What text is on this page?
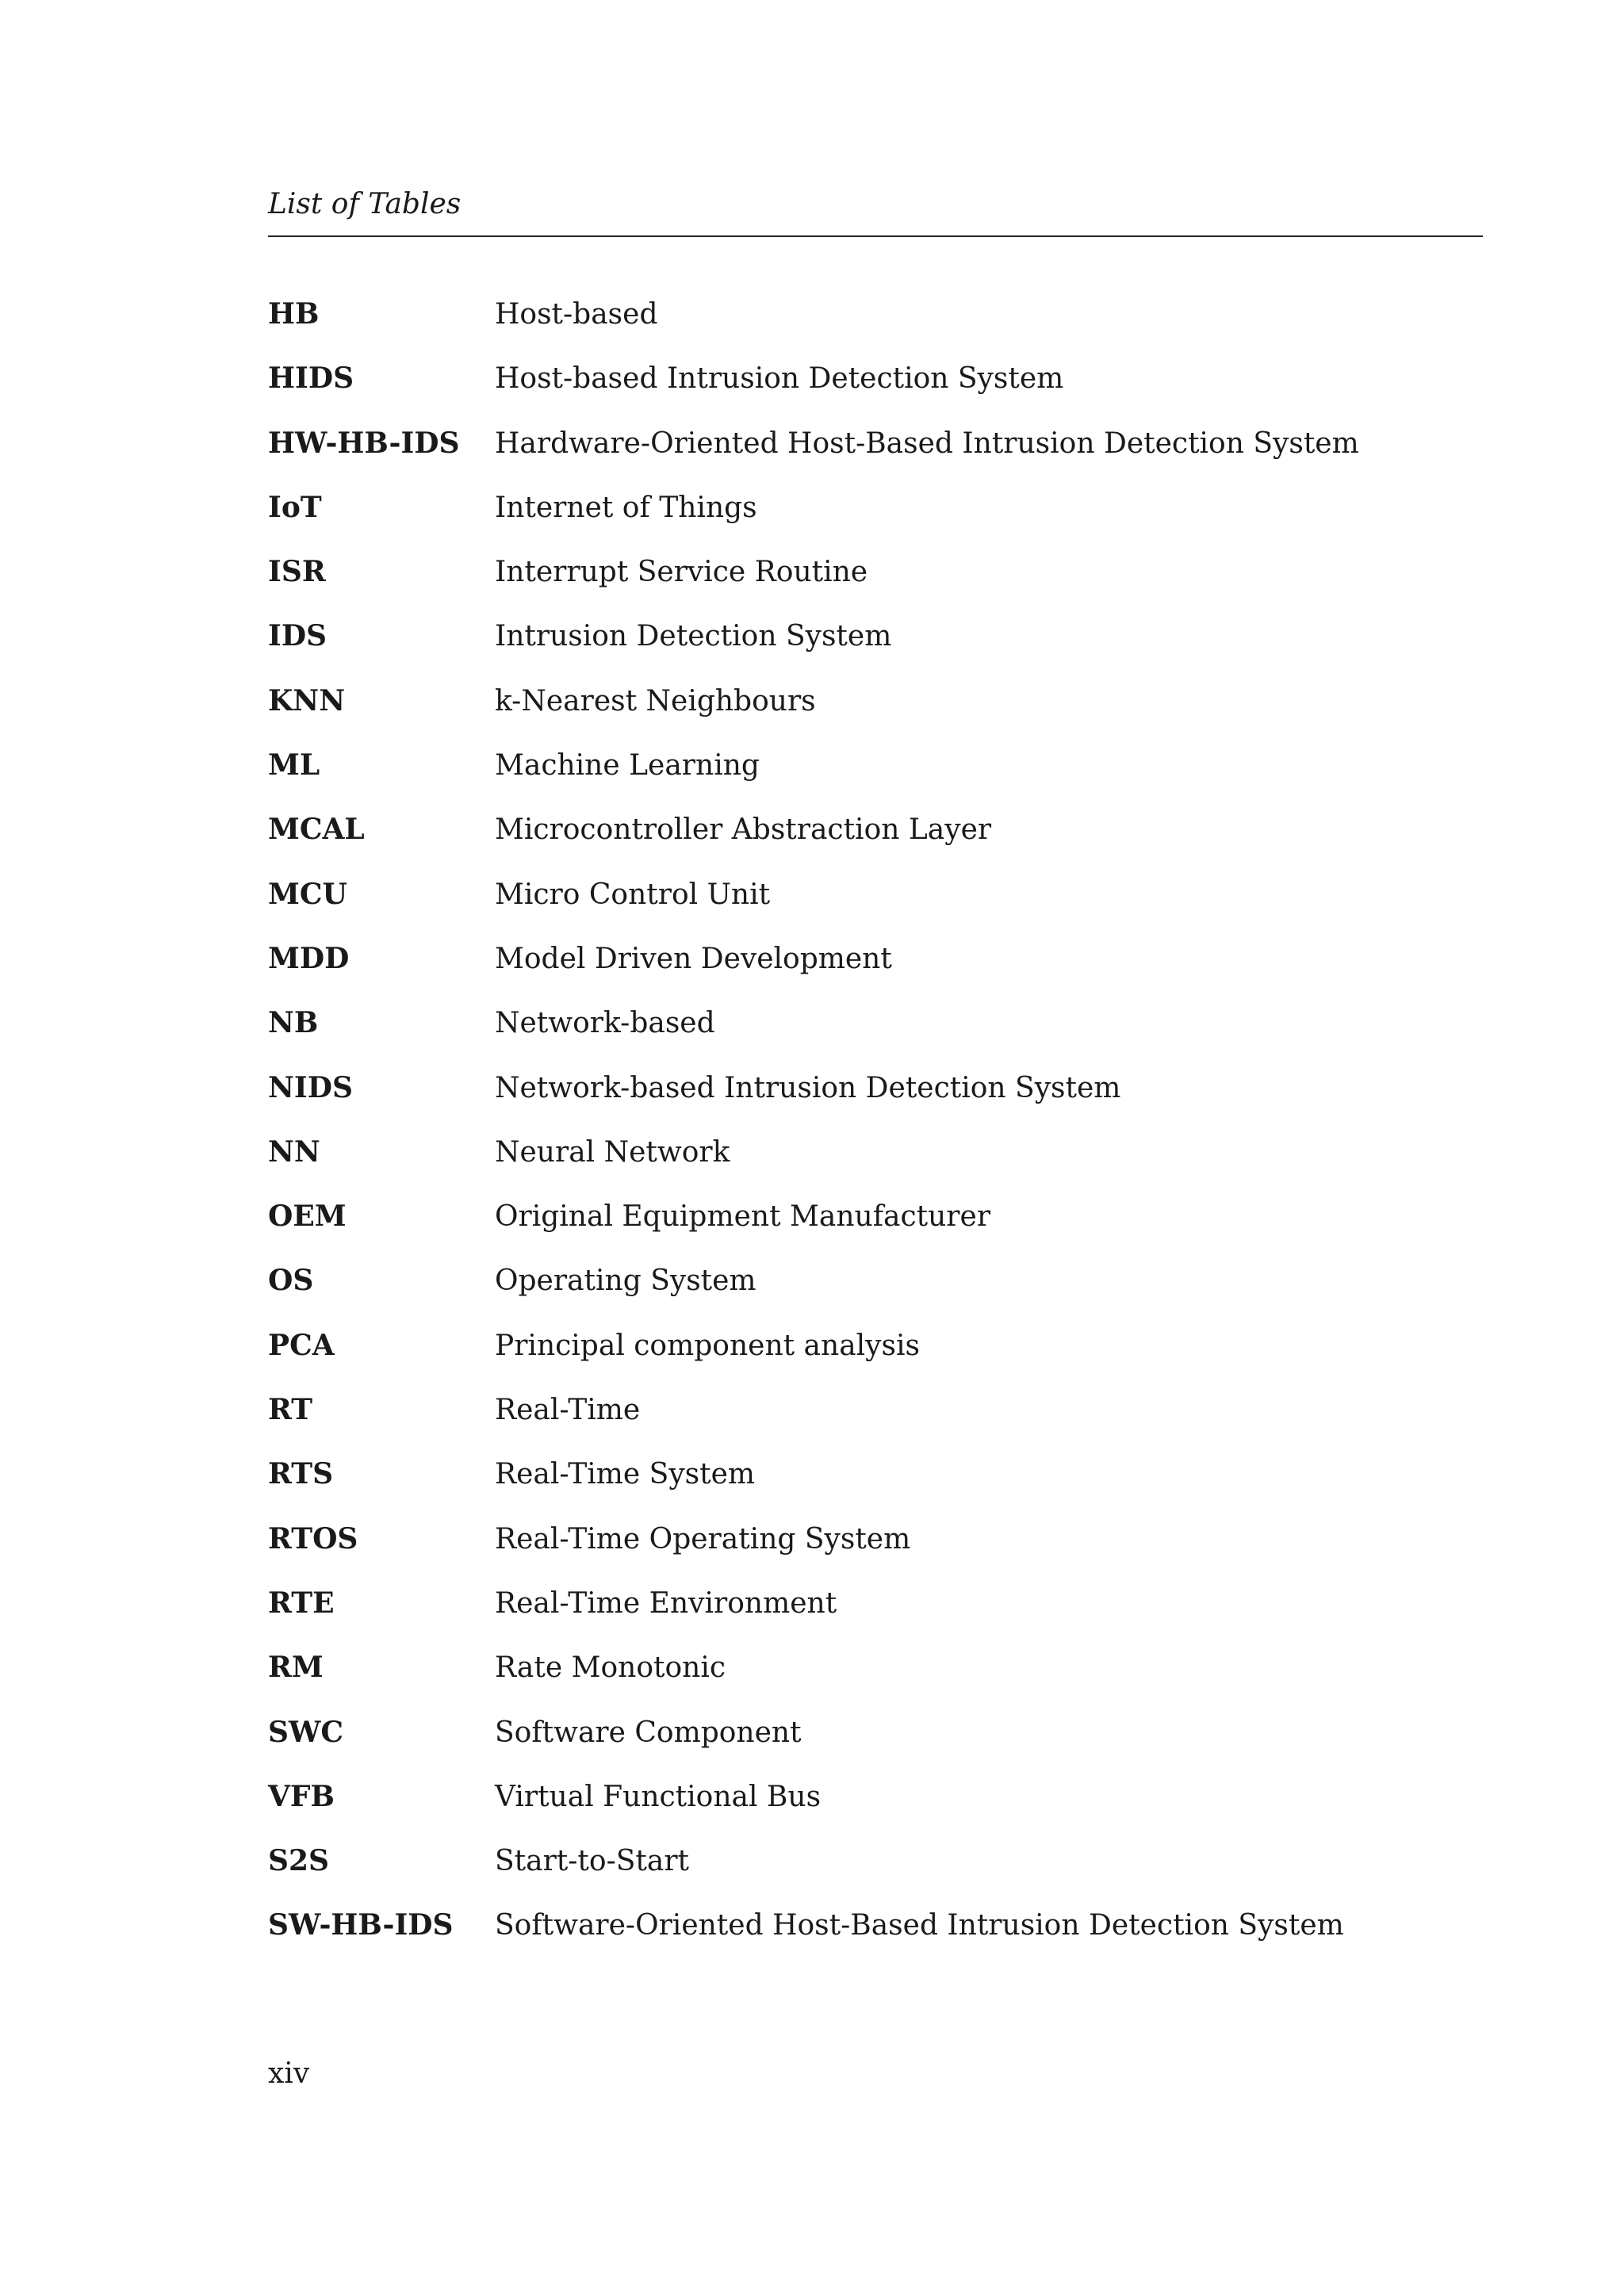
List of Tables
HB	Host-based
HIDS	Host-based Intrusion Detection System
HW-HB-IDS	Hardware-Oriented Host-Based Intrusion Detection System
IoT	Internet of Things
ISR	Interrupt Service Routine
IDS	Intrusion Detection System
KNN	k-Nearest Neighbours
ML	Machine Learning
MCAL	Microcontroller Abstraction Layer
MCU	Micro Control Unit
MDD	Model Driven Development
NB	Network-based
NIDS	Network-based Intrusion Detection System
NN	Neural Network
OEM	Original Equipment Manufacturer
OS	Operating System
PCA	Principal component analysis
RT	Real-Time
RTS	Real-Time System
RTOS	Real-Time Operating System
RTE	Real-Time Environment
RM	Rate Monotonic
SWC	Software Component
VFB	Virtual Functional Bus
S2S	Start-to-Start
SW-HB-IDS	Software-Oriented Host-Based Intrusion Detection System
xiv
